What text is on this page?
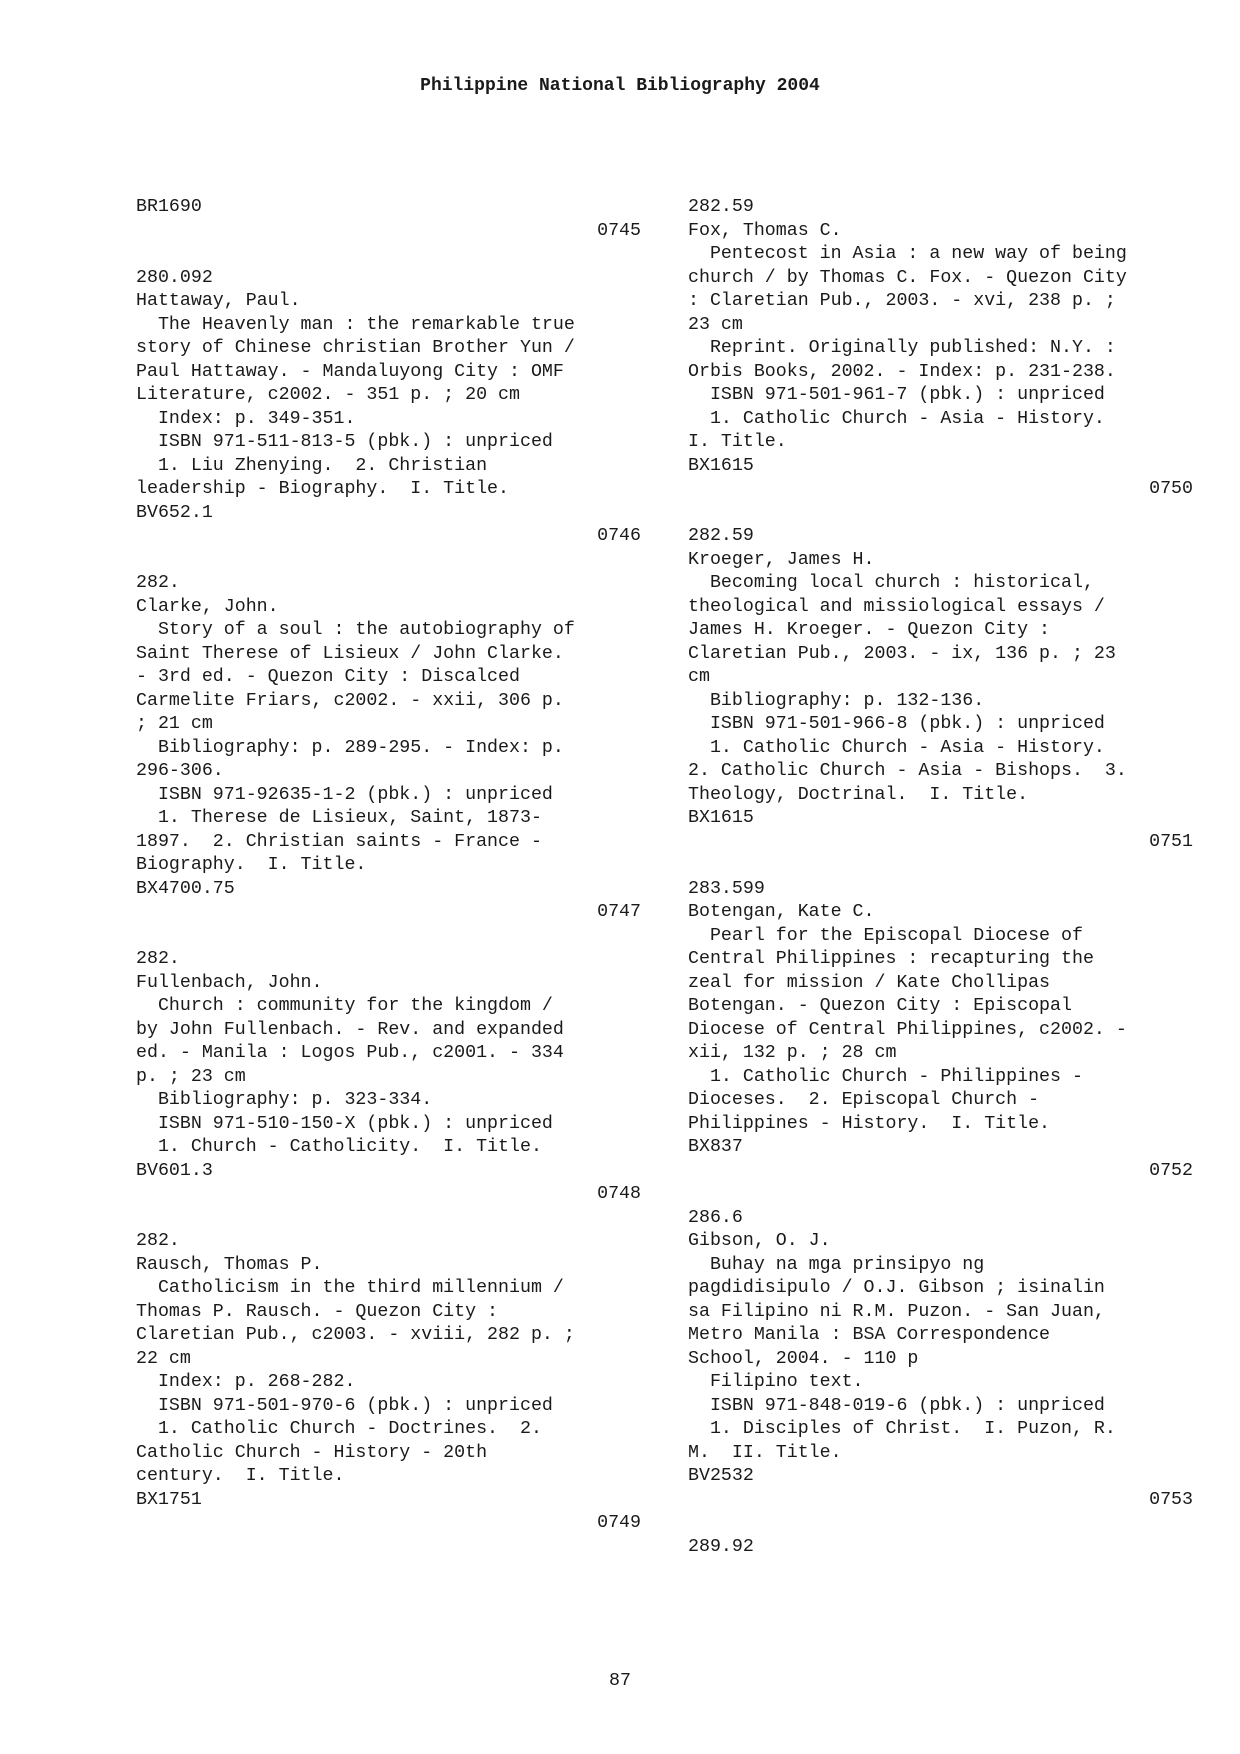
Philippine National Bibliography 2004
BR1690
0745
280.092
Hattaway, Paul.
The Heavenly man : the remarkable true
story of Chinese christian Brother Yun /
Paul Hattaway. - Mandaluyong City : OMF
Literature, c2002. - 351 p. ; 20 cm
Index: p. 349-351.
ISBN 971-511-813-5 (pbk.) : unpriced
1. Liu Zhenying.  2. Christian
leadership - Biography.  I. Title.
BV652.1
0746
282.
Clarke, John.
Story of a soul : the autobiography of
Saint Therese of Lisieux / John Clarke.
- 3rd ed. - Quezon City : Discalced
Carmelite Friars, c2002. - xxii, 306 p.
; 21 cm
Bibliography: p. 289-295. - Index: p.
296-306.
ISBN 971-92635-1-2 (pbk.) : unpriced
1. Therese de Lisieux, Saint, 1873-
1897.  2. Christian saints - France -
Biography.  I. Title.
BX4700.75
0747
282.
Fullenbach, John.
Church : community for the kingdom /
by John Fullenbach. - Rev. and expanded
ed. - Manila : Logos Pub., c2001. - 334
p. ; 23 cm
Bibliography: p. 323-334.
ISBN 971-510-150-X (pbk.) : unpriced
1. Church - Catholicity.  I. Title.
BV601.3
0748
282.
Rausch, Thomas P.
Catholicism in the third millennium /
Thomas P. Rausch. - Quezon City :
Claretian Pub., c2003. - xviii, 282 p. ;
22 cm
Index: p. 268-282.
ISBN 971-501-970-6 (pbk.) : unpriced
1. Catholic Church - Doctrines.  2.
Catholic Church - History - 20th
century.  I. Title.
BX1751
0749
282.59
Fox, Thomas C.
Pentecost in Asia : a new way of being
church / by Thomas C. Fox. - Quezon City
: Claretian Pub., 2003. - xvi, 238 p. ;
23 cm
Reprint. Originally published: N.Y. :
Orbis Books, 2002. - Index: p. 231-238.
ISBN 971-501-961-7 (pbk.) : unpriced
1. Catholic Church - Asia - History.
I. Title.
BX1615
0750
282.59
Kroeger, James H.
Becoming local church : historical,
theological and missiological essays /
James H. Kroeger. - Quezon City :
Claretian Pub., 2003. - ix, 136 p. ; 23
cm
Bibliography: p. 132-136.
ISBN 971-501-966-8 (pbk.) : unpriced
1. Catholic Church - Asia - History.
2. Catholic Church - Asia - Bishops.  3.
Theology, Doctrinal.  I. Title.
BX1615
0751
283.599
Botengan, Kate C.
Pearl for the Episcopal Diocese of
Central Philippines : recapturing the
zeal for mission / Kate Chollipas
Botengan. - Quezon City : Episcopal
Diocese of Central Philippines, c2002. -
xii, 132 p. ; 28 cm
1. Catholic Church - Philippines -
Dioceses.  2. Episcopal Church -
Philippines - History.  I. Title.
BX837
0752
286.6
Gibson, O. J.
Buhay na mga prinsipyo ng
pagdidisipulo / O.J. Gibson ; isinalin
sa Filipino ni R.M. Puzon. - San Juan,
Metro Manila : BSA Correspondence
School, 2004. - 110 p
Filipino text.
ISBN 971-848-019-6 (pbk.) : unpriced
1. Disciples of Christ.  I. Puzon, R.
M.  II. Title.
BV2532
0753
289.92
87
